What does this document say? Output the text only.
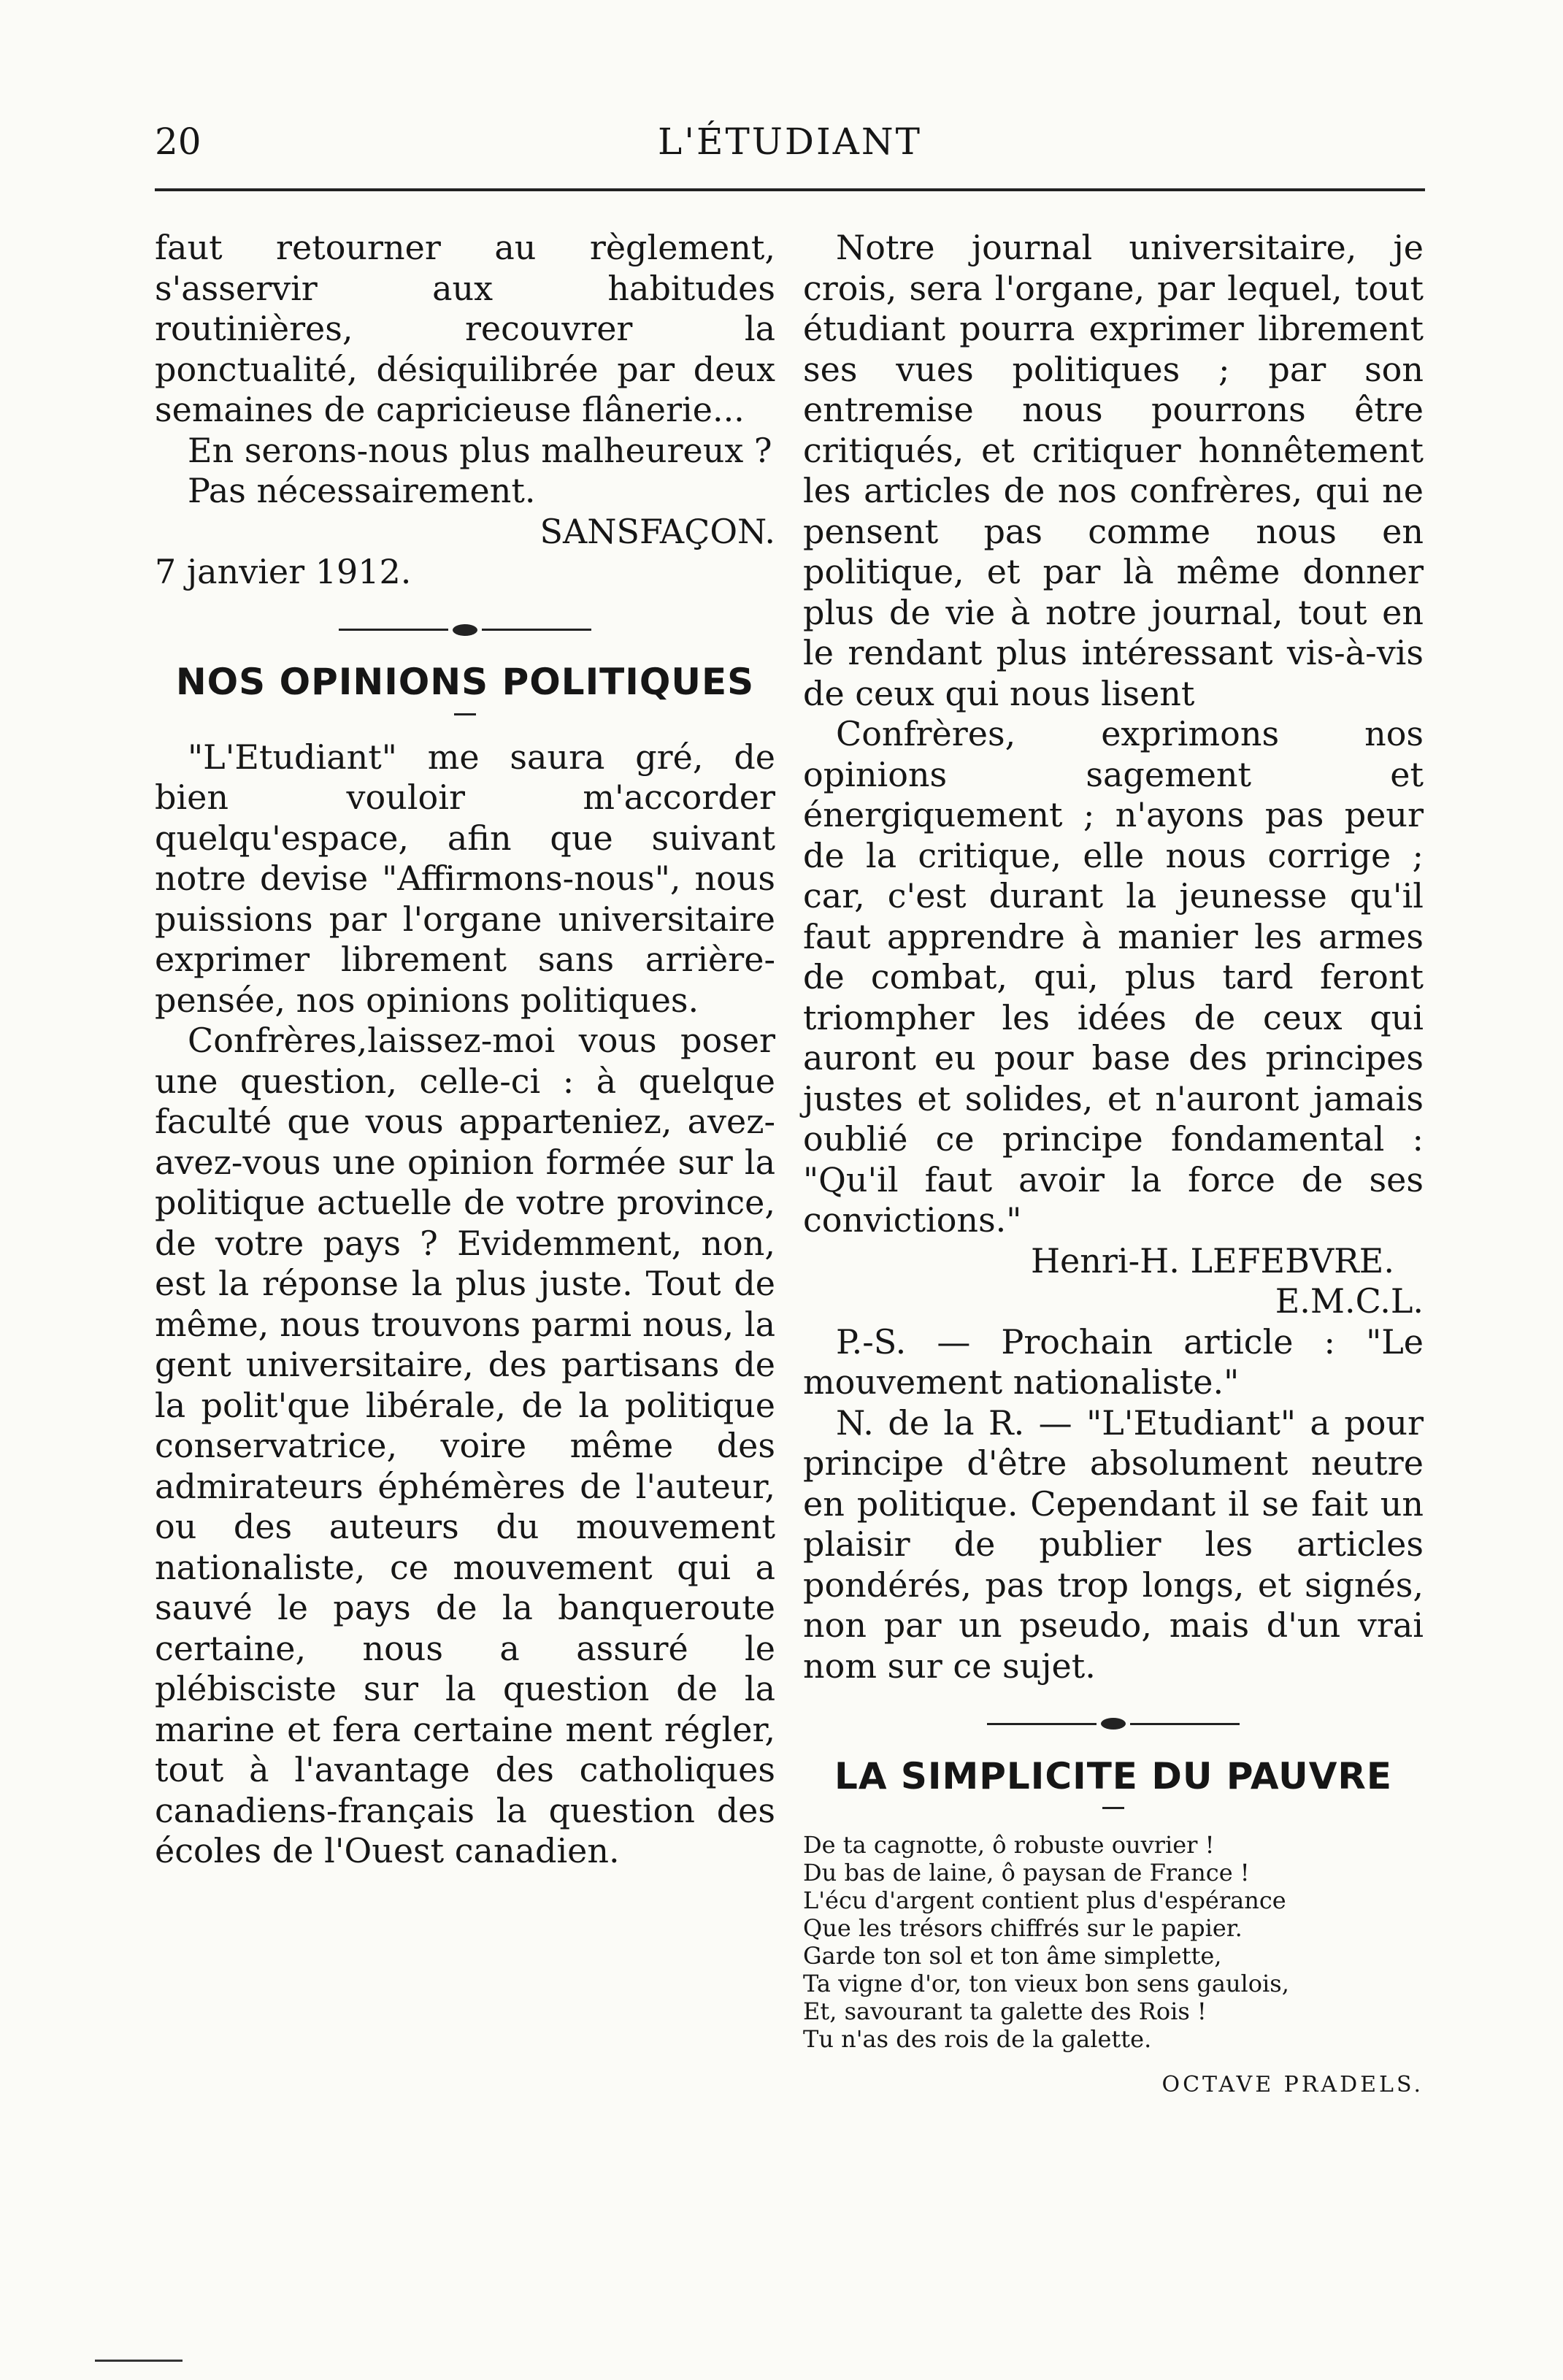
20	L'ÉTUDIANT

faut retourner au règlement, s'asservir aux habitudes routinières, recouvrer la ponctualité, désiquilibrée par deux semaines de capricieuse flânerie...

En serons-nous plus malheureux ?

Pas nécessairement.

SANSFAÇON.

7 janvier 1912.

NOS OPINIONS POLITIQUES

"L'Etudiant" me saura gré, de bien vouloir m'accorder quelqu'espace, afin que suivant notre devise "Affirmons-nous", nous puissions par l'organe universitaire exprimer librement sans arrière-pensée, nos opinions politiques.

Confrères,laissez-moi vous poser une question, celle-ci : à quelque faculté que vous apparteniez, avez-avez-vous une opinion formée sur la politique actuelle de votre province, de votre pays ? Evidemment, non, est la réponse la plus juste. Tout de même, nous trouvons parmi nous, la gent universitaire, des partisans de la polit'que libérale, de la politique conservatrice, voire même des admirateurs éphémères de l'auteur, ou des auteurs du mouvement nationaliste, ce mouvement qui a sauvé le pays de la banqueroute certaine, nous a assuré le plébisciste sur la question de la marine et fera certaine ment régler, tout à l'avantage des catholiques canadiens-français la question des écoles de l'Ouest canadien.

Notre journal universitaire, je crois, sera l'organe, par lequel, tout étudiant pourra exprimer librement ses vues politiques ; par son entremise nous pourrons être critiqués, et critiquer honnêtement les articles de nos confrères, qui ne pensent pas comme nous en politique, et par là même donner plus de vie à notre journal, tout en le rendant plus intéressant vis-à-vis de ceux qui nous lisent

Confrères, exprimons nos opinions sagement et énergiquement ; n'ayons pas peur de la critique, elle nous corrige ; car, c'est durant la jeunesse qu'il faut apprendre à manier les armes de combat, qui, plus tard feront triompher les idées de ceux qui auront eu pour base des principes justes et solides, et n'auront jamais oublié ce principe fondamental : "Qu'il faut avoir la force de ses convictions."

Henri-H. LEFEBVRE.

E.M.C.L.

P.-S. — Prochain article : "Le mouvement nationaliste."

N. de la R. — "L'Etudiant" a pour principe d'être absolument neutre en politique. Cependant il se fait un plaisir de publier les articles pondérés, pas trop longs, et signés, non par un pseudo, mais d'un vrai nom sur ce sujet.

LA SIMPLICITE DU PAUVRE
De ta cagnotte, ô robuste ouvrier !
Du bas de laine, ô paysan de France !
L'écu d'argent contient plus d'espérance
Que les trésors chiffrés sur le papier.
Garde ton sol et ton âme simplette,
Ta vigne d'or, ton vieux bon sens gaulois,
Et, savourant ta galette des Rois !
Tu n'as des rois de la galette.
OCTAVE PRADELS.
